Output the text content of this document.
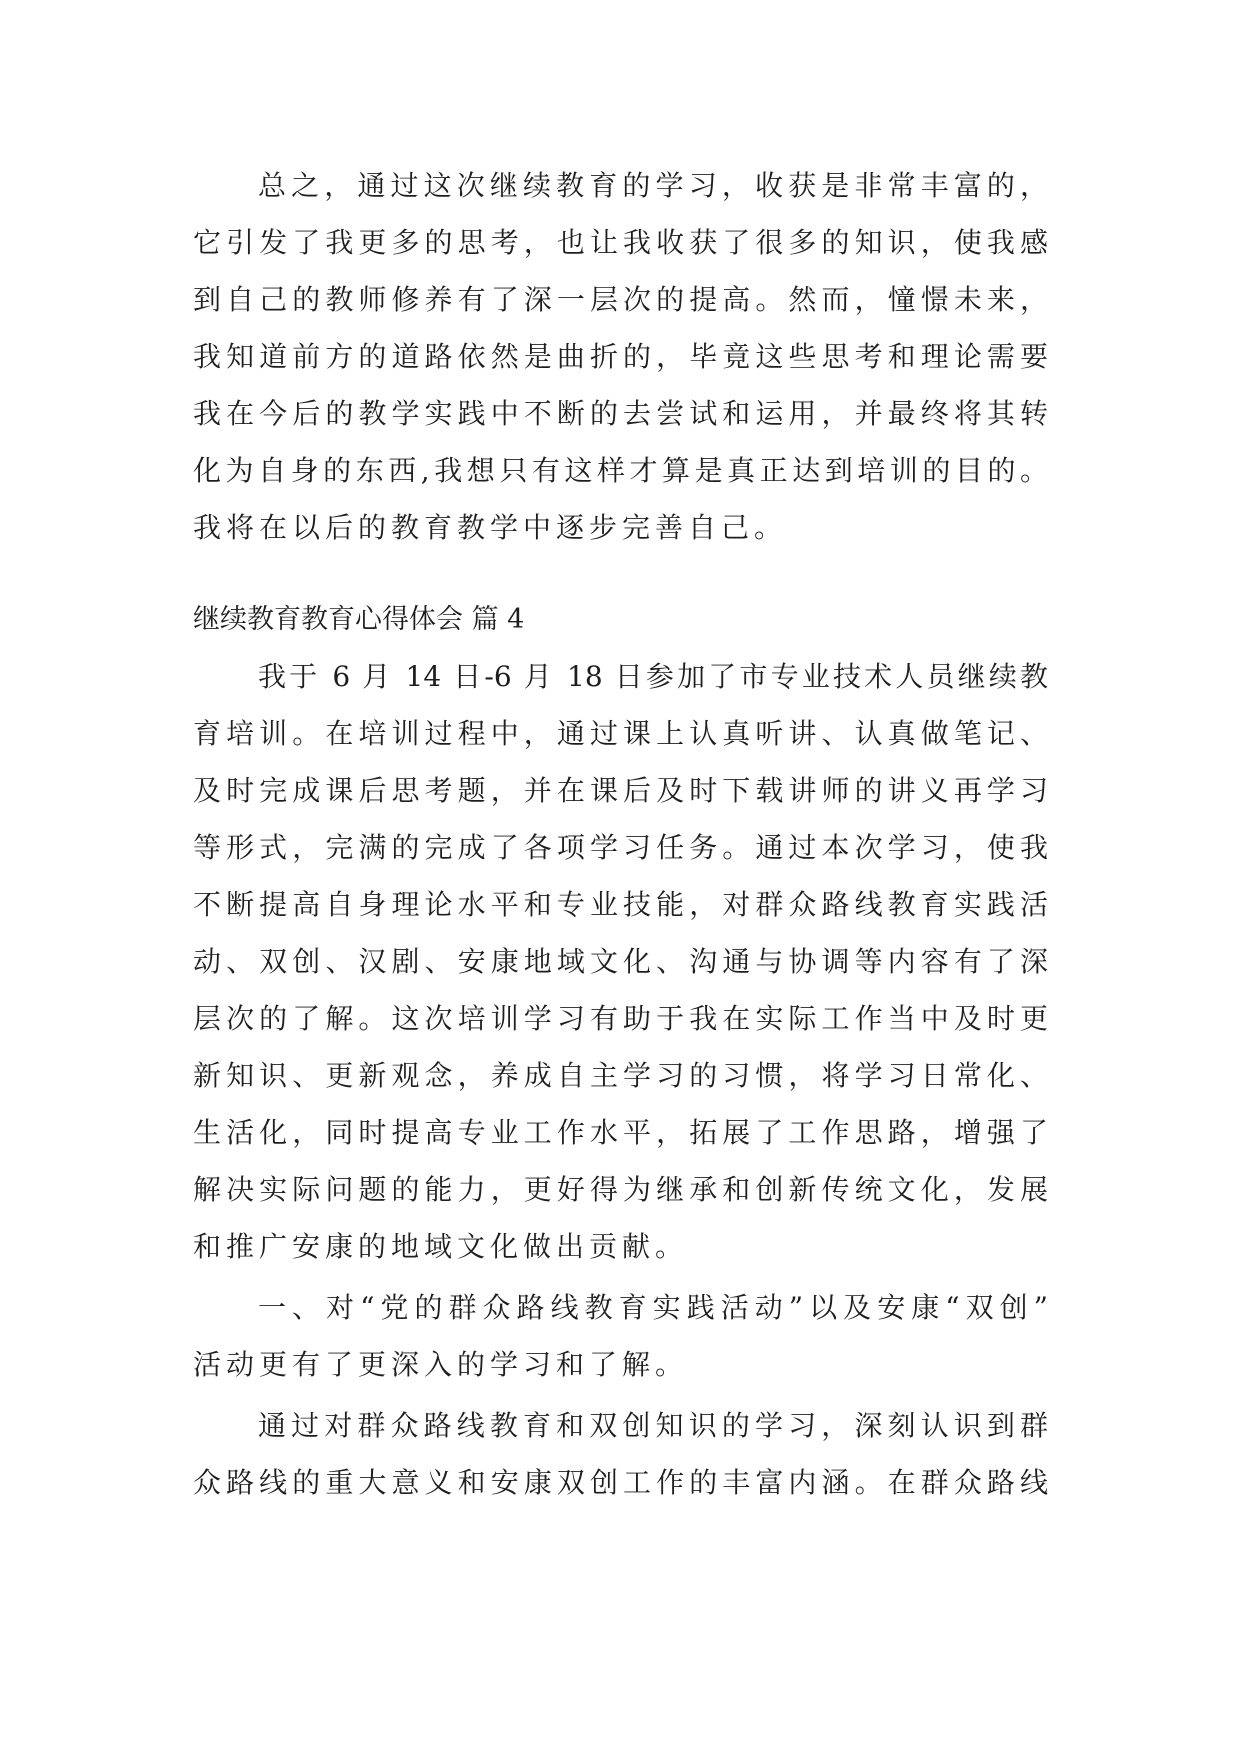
总之，通过这次继续教育的学习，收获是非常丰富的，
它引发了我更多的思考，也让我收获了很多的知识，使我感
到自己的教师修养有了深一层次的提高。然而，憧憬未来，
我知道前方的道路依然是曲折的，毕竟这些思考和理论需要
我在今后的教学实践中不断的去尝试和运用，并最终将其转
化为自身的东西,我想只有这样才算是真正达到培训的目的。
我将在以后的教育教学中逐步完善自己。
继续教育教育心得体会 篇 4
我于 6 月 14 日-6 月 18 日参加了市专业技术人员继续教
育培训。在培训过程中，通过课上认真听讲、认真做笔记、
及时完成课后思考题，并在课后及时下载讲师的讲义再学习
等形式，完满的完成了各项学习任务。通过本次学习，使我
不断提高自身理论水平和专业技能，对群众路线教育实践活
动、双创、汉剧、安康地域文化、沟通与协调等内容有了深
层次的了解。这次培训学习有助于我在实际工作当中及时更
新知识、更新观念，养成自主学习的习惯，将学习日常化、
生活化，同时提高专业工作水平，拓展了工作思路，增强了
解决实际问题的能力，更好得为继承和创新传统文化，发展
和推广安康的地域文化做出贡献。
一、对“党的群众路线教育实践活动”以及安康“双创”
活动更有了更深入的学习和了解。
通过对群众路线教育和双创知识的学习，深刻认识到群
众路线的重大意义和安康双创工作的丰富内涵。在群众路线
